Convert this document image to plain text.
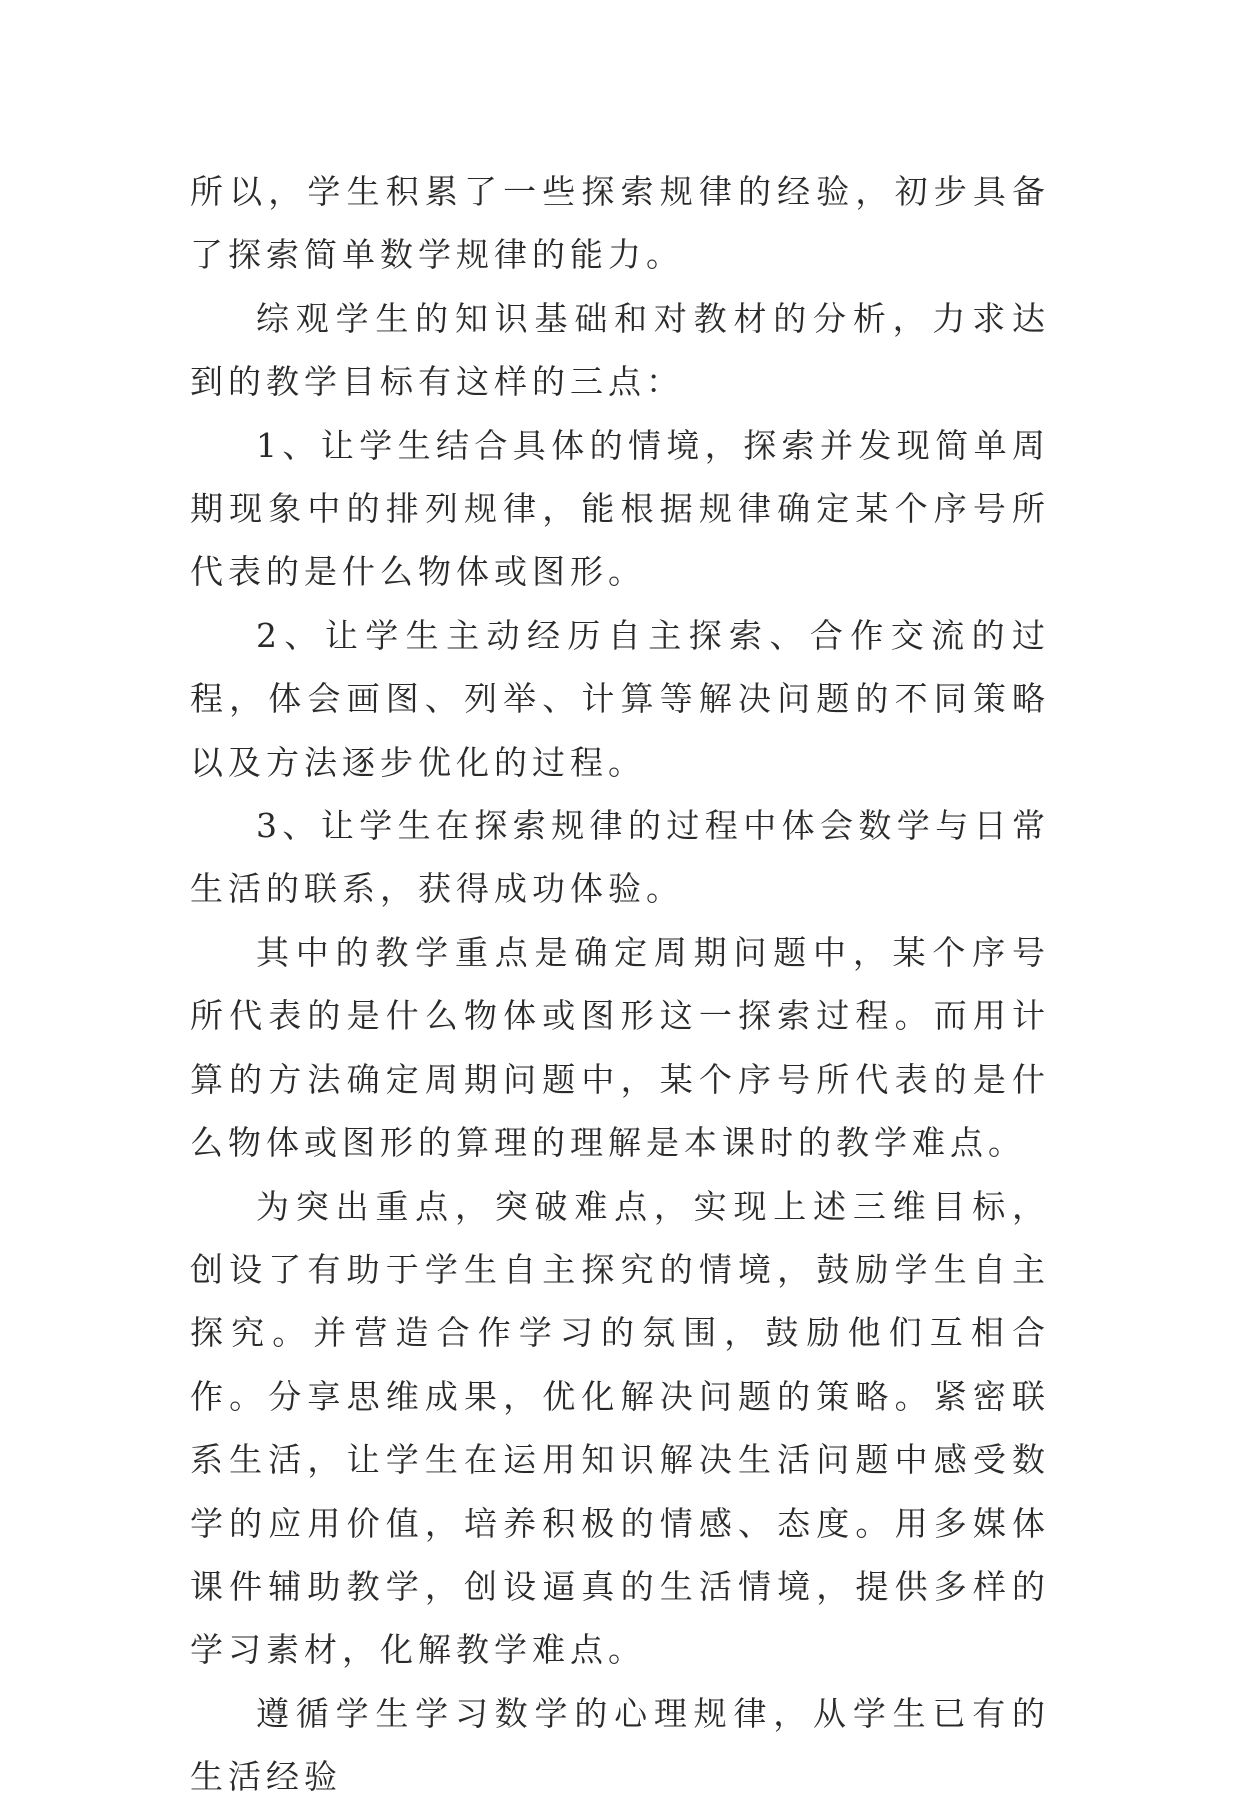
所以，学生积累了一些探索规律的经验，初步具备了探索简单数学规律的能力。

综观学生的知识基础和对教材的分析，力求达到的教学目标有这样的三点：

1、让学生结合具体的情境，探索并发现简单周期现象中的排列规律，能根据规律确定某个序号所代表的是什么物体或图形。

2、让学生主动经历自主探索、合作交流的过程，体会画图、列举、计算等解决问题的不同策略以及方法逐步优化的过程。

3、让学生在探索规律的过程中体会数学与日常生活的联系，获得成功体验。

其中的教学重点是确定周期问题中，某个序号所代表的是什么物体或图形这一探索过程。而用计算的方法确定周期问题中，某个序号所代表的是什么物体或图形的算理的理解是本课时的教学难点。

为突出重点，突破难点，实现上述三维目标，创设了有助于学生自主探究的情境，鼓励学生自主探究。并营造合作学习的氛围，鼓励他们互相合作。分享思维成果，优化解决问题的策略。紧密联系生活，让学生在运用知识解决生活问题中感受数学的应用价值，培养积极的情感、态度。用多媒体课件辅助教学，创设逼真的生活情境，提供多样的学习素材，化解教学难点。

遵循学生学习数学的心理规律，从学生已有的生活经验
